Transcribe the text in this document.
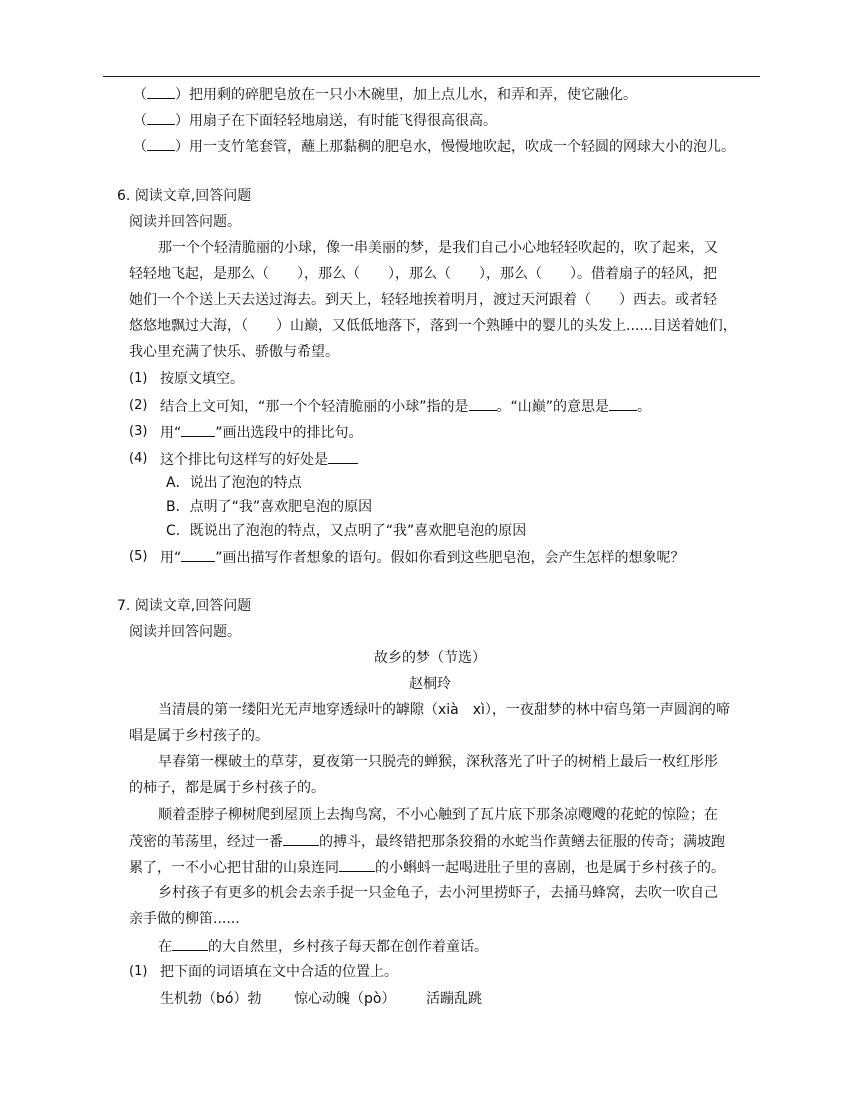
（ ）把用剩的碎肥皂放在一只小木碗里，加上点儿水，和弄和弄，使它融化。
（ ）用扇子在下面轻轻地扇送，有时能飞得很高很高。
（ ）用一支竹笔套管，蘸上那黏稠的肥皂水，慢慢地吹起，吹成一个轻圆的网球大小的泡儿。
6. 阅读文章,回答问题
阅读并回答问题。
那一个个轻清脆丽的小球，像一串美丽的梦，是我们自己小心地轻轻吹起的，吹了起来，又
轻轻地飞起，是那么（　　），那么（　　），那么（　　），那么（　　）。借着扇子的轻风，把
她们一个个送上天去送过海去。到天上，轻轻地挨着明月，渡过天河跟着（　　）西去。或者轻
悠悠地飘过大海，（　　）山巅，又低低地落下，落到一个熟睡中的婴儿的头发上......目送着她们，
我心里充满了快乐、骄傲与希望。
(1) 按原文填空。
(2) 结合上文可知，“那一个个轻清脆丽的小球”指的是 。“山巅”的意思是 。
(3) 用“ ”画出选段中的排比句。
(4) 这个排比句这样写的好处是
A．说出了泡泡的特点
B．点明了“我”喜欢肥皂泡的原因
C．既说出了泡泡的特点，又点明了“我”喜欢肥皂泡的原因
(5) 用“ ”画出描写作者想象的语句。假如你看到这些肥皂泡，会产生怎样的想象呢？
7. 阅读文章,回答问题
阅读并回答问题。
故乡的梦（节选）
赵桐玲
当清晨的第一缕阳光无声地穿透绿叶的罅隙（xià　xì），一夜甜梦的林中宿鸟第一声圆润的啼
唱是属于乡村孩子的。
早春第一棵破土的草芽，夏夜第一只脱壳的蝉猴，深秋落光了叶子的树梢上最后一枚红彤彤
的柿子，都是属于乡村孩子的。
顺着歪脖子柳树爬到屋顶上去掏鸟窝，不小心触到了瓦片底下那条凉飕飕的花蛇的惊险；在
茂密的苇荡里，经过一番	的搏斗，最终错把那条狡猾的水蛇当作黄鳝去征服的传奇；满坡跑
累了，一不小心把甘甜的山泉连同	的小蝌蚪一起喝进肚子里的喜剧，也是属于乡村孩子的。
乡村孩子有更多的机会去亲手捉一只金龟子，去小河里捞虾子，去捅马蜂窝，去吹一吹自己
亲手做的柳笛......
在	的大自然里，乡村孩子每天都在创作着童话。
(1) 把下面的词语填在文中合适的位置上。
生机勃（bó）勃 惊心动魄（pò） 活蹦乱跳
